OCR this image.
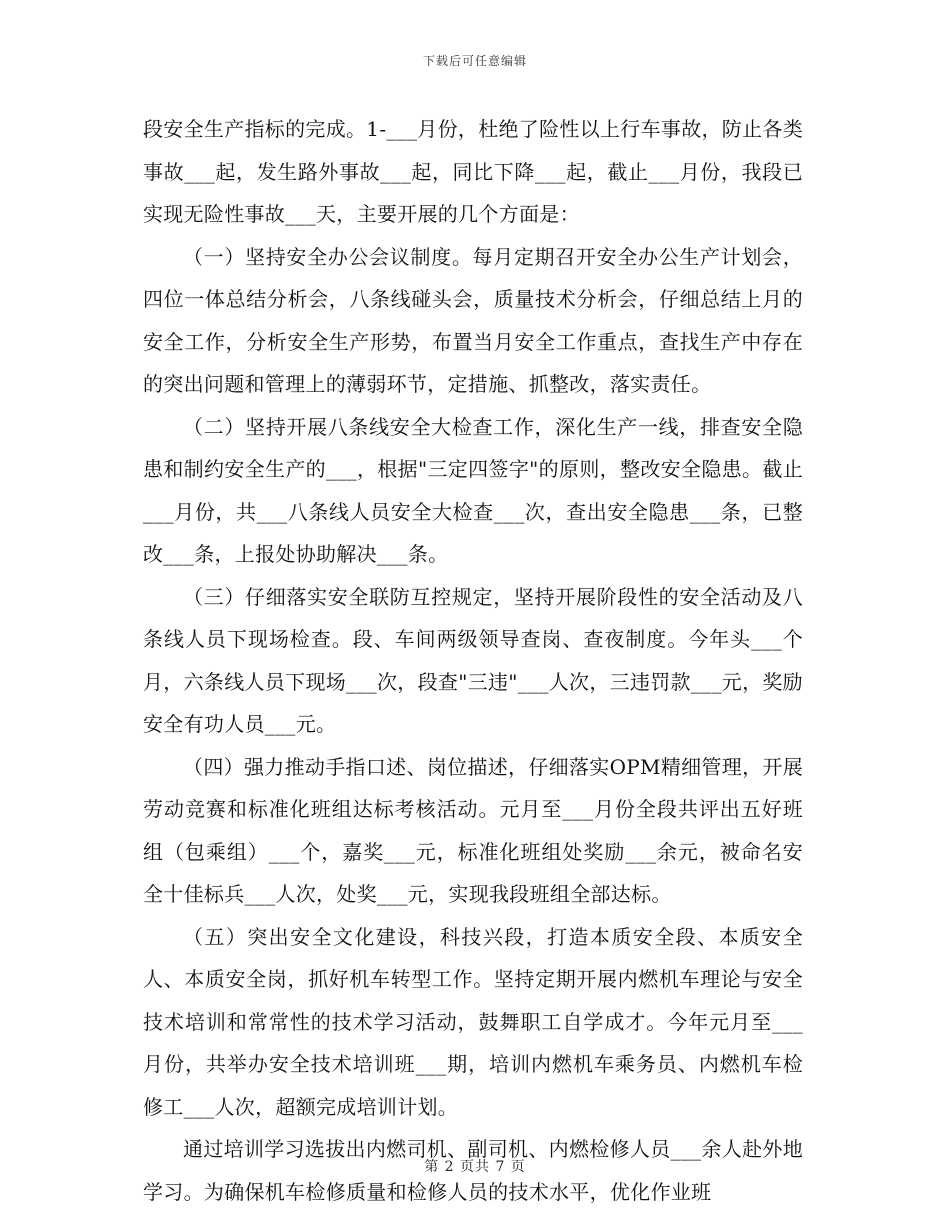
下载后可任意编辑

段安全生产指标的完成。1-___月份，杜绝了险性以上行车事故，防止各类事故___起，发生路外事故___起，同比下降___起，截止___月份，我段已实现无险性事故___天，主要开展的几个方面是：

（一）坚持安全办公会议制度。每月定期召开安全办公生产计划会，四位一体总结分析会，八条线碰头会，质量技术分析会，仔细总结上月的安全工作，分析安全生产形势，布置当月安全工作重点，查找生产中存在的突出问题和管理上的薄弱环节，定措施、抓整改，落实责任。

（二）坚持开展八条线安全大检查工作，深化生产一线，排查安全隐患和制约安全生产的___，根据"三定四签字"的原则，整改安全隐患。截止___月份，共___八条线人员安全大检查___次，查出安全隐患___条，已整改___条，上报处协助解决___条。

（三）仔细落实安全联防互控规定，坚持开展阶段性的安全活动及八条线人员下现场检查。段、车间两级领导查岗、查夜制度。今年头___个月，六条线人员下现场___次，段查"三违"___人次，三违罚款___元，奖励安全有功人员___元。

（四）强力推动手指口述、岗位描述，仔细落实OPM精细管理，开展劳动竞赛和标准化班组达标考核活动。元月至___月份全段共评出五好班组（包乘组）___个，嘉奖___元，标准化班组处奖励___余元，被命名安全十佳标兵___人次，处奖___元，实现我段班组全部达标。

（五）突出安全文化建设，科技兴段，打造本质安全段、本质安全人、本质安全岗，抓好机车转型工作。坚持定期开展内燃机车理论与安全技术培训和常常性的技术学习活动，鼓舞职工自学成才。今年元月至___月份，共举办安全技术培训班___期，培训内燃机车乘务员、内燃机车检修工___人次，超额完成培训计划。

通过培训学习选拔出内燃司机、副司机、内燃检修人员___余人赴外地学习。为确保机车检修质量和检修人员的技术水平，优化作业班

第 2 页共 7 页
